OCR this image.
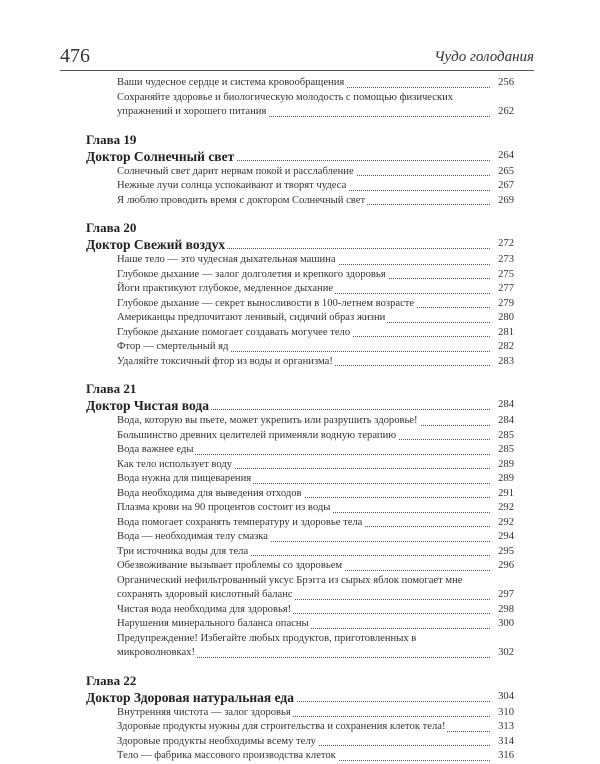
476	Чудо голодания
Ваши чудесное сердце и система кровообращения	256
Сохраняйте здоровье и биологическую молодость с помощью физических упражнений и хорошего питания	262
Глава 19
Доктор Солнечный свет	264
Солнечный свет дарит нервам покой и расслабление	265
Нежные лучи солнца успокаивают и творят чудеса	267
Я люблю проводить время с доктором Солнечный свет	269
Глава 20
Доктор Свежий воздух	272
Наше тело — это чудесная дыхательная машина	273
Глубокое дыхание — залог долголетия и крепкого здоровья	275
Йоги практикуют глубокое, медленное дыхание	277
Глубокое дыхание — секрет выносливости в 100-летнем возрасте	279
Американцы предпочитают ленивый, сидячий образ жизни	280
Глубокое дыхание помогает создавать могучее тело	281
Фтор — смертельный яд	282
Удаляйте токсичный фтор из воды и организма!	283
Глава 21
Доктор Чистая вода	284
Вода, которую вы пьете, может укрепить или разрушить здоровье!	284
Большинство древних целителей применяли водную терапию	285
Вода важнее еды	285
Как тело использует воду	289
Вода нужна для пищеварения	289
Вода необходима для выведения отходов	291
Плазма крови на 90 процентов состоит из воды	292
Вода помогает сохранять температуру и здоровье тела	292
Вода — необходимая телу смазка	294
Три источника воды для тела	295
Обезвоживание вызывает проблемы со здоровьем	296
Органический нефильтрованный уксус Брэгга из сырых яблок помогает мне сохранять здоровый кислотный баланс	297
Чистая вода необходима для здоровья!	298
Нарушения минерального баланса опасны	300
Предупреждение! Избегайте любых продуктов, приготовленных в микроволновках!	302
Глава 22
Доктор Здоровая натуральная еда	304
Внутренняя чистота — залог здоровья	310
Здоровые продукты нужны для строительства и сохранения клеток тела!	313
Здоровые продукты необходимы всему телу	314
Тело — фабрика массового производства клеток	316
